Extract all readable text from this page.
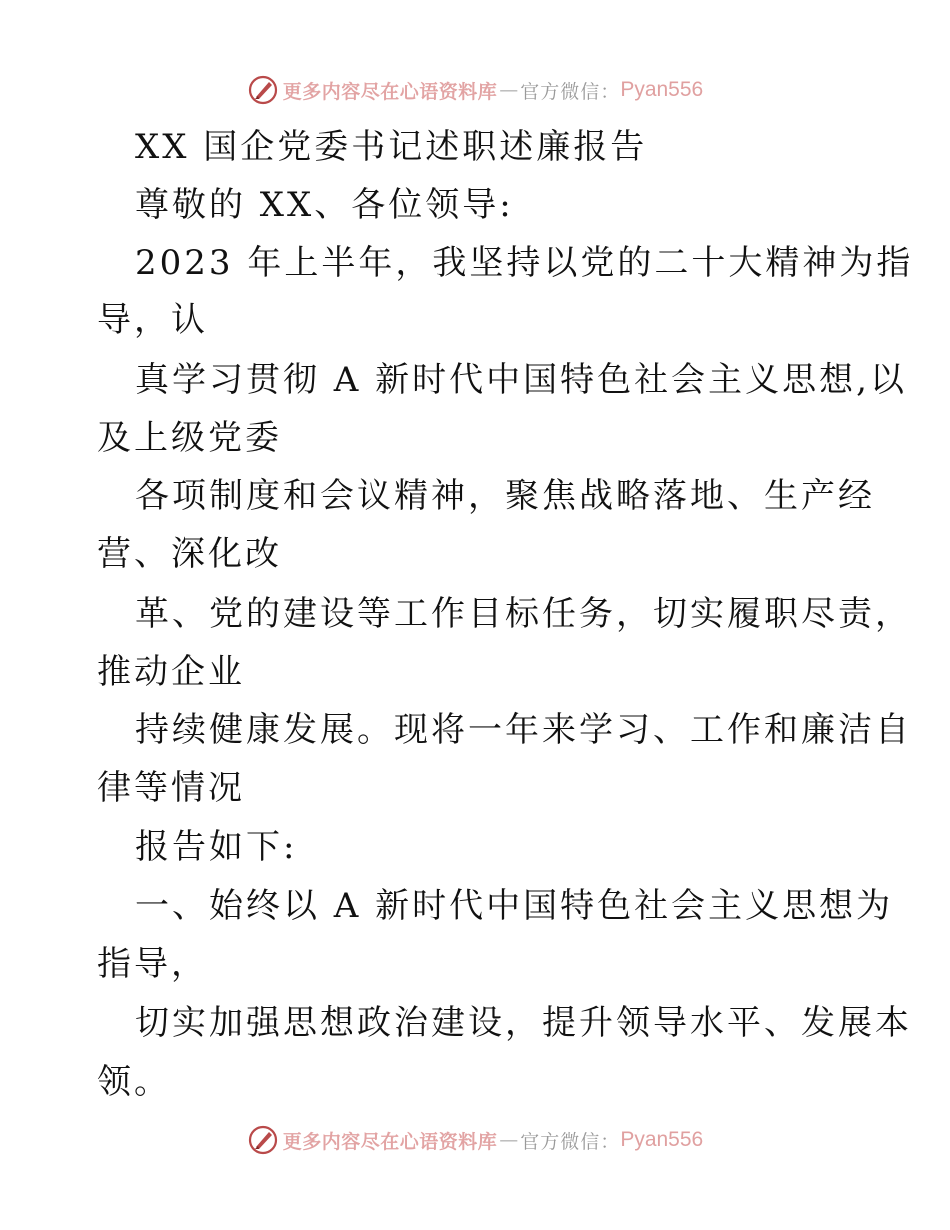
更多内容尽在心语资料库 — 官方微信： Pyan556

XX 国企党委书记述职述廉报告

尊敬的 XX、各位领导:

2023 年上半年，我坚持以党的二十大精神为指

导，认

真学习贯彻 A 新时代中国特色社会主义思想,以

及上级党委

各项制度和会议精神，聚焦战略落地、生产经

营、深化改

革、党的建设等工作目标任务，切实履职尽责，

推动企业

持续健康发展。现将一年来学习、工作和廉洁自

律等情况

报告如下:

一、始终以 A 新时代中国特色社会主义思想为

指导，

切实加强思想政治建设，提升领导水平、发展本

领。

更多内容尽在心语资料库 — 官方微信： Pyan556
